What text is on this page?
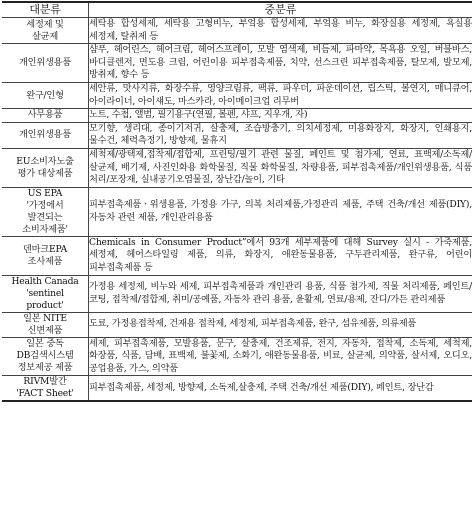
대분류	중분류
세정제 및
살균제	세탁용 합성세제, 세탁용 고형비누, 부엌용 합성세제, 부엌용 비누, 화장실용 세정제, 욕실용 세정제, 탈취제 등
개인위생용품	샴푸, 헤어린스, 헤어크림, 헤어스프레이, 모발 염색제, 비듬제, 파마약, 목욕용 오일, 버블바스, 바디클렌저, 면도용 크림, 어린이용 피부접촉제품, 치약, 선스크린 피부접촉제품, 탈모제, 발모제, 방취제, 향수 등
완구/인형	세안류, 맛사지류, 화장수류, 영양크림류, 팩류, 파우더, 파운데이션, 립스틱, 볼연지, 매니큐어, 아이라이너, 아이섀도, 마스카라, 아이메이크업 리무버
사무용품	노트, 수첩, 앨범, 필기용구(연필, 볼펜, 샤프, 지우개, 자)
개인위생용품	모기향, 생리대, 종이기저귀, 살충제, 조습방충기, 의치세정제, 미용화장지, 화장지, 인쇄용지, 물수건, 체력측정기, 방향제, 물휴지
EU소비자노출
평가 대상제품	세척제/광택제,접착제/접합제, 프린팅/필기 관련 물질, 페인트 및 첨가제, 연료, 표백제/소독제/살균제, 배기제, 사진인화용 화학물질, 직물 화학물질, 차량용품, 피부접촉제품/개인위생용품, 식품 처리/포장재, 실내공기오염물질, 장난감/놀이, 기타
US EPA
'가정에서
발견되는
소비자제품'	피부접촉제품ㆍ위생용품, 가정용 가구, 의복 처리제품,가정관리 제품, 주택 건축/개선 제품(DIY), 자동차 관련 제품, 개인관리용품
덴마크EPA
조사제품	Chemicals in Consumer Product”에서 93개 세부제품에 대해 Survey 실시 - 가죽제품, 세정제, 헤어스타일링 제품, 의류, 화장지, 애완동물용품, 구두관리제품, 완구류, 어린이 피부접촉제품 등
Health Canada
'sentinel
product'	가정용 세정제, 비누와 세제, 피부접촉제품과 개인관리 용품, 식품 첨가제, 직물 처리제품, 페인트/코팅, 접착제/접합제, 취미/공예품, 자동차 관리 용품, 윤활제, 연료/용제, 잔디/가든 관리제품
일본 NITE
신변제품	도료, 가정용접착제, 건재용 접착제, 세정제, 피부접촉제품, 완구, 섬유제품, 의류제품
일본 중독
DB검색시스템
정보제공 제품	세제, 피부접촉제품, 모발용품, 문구, 살충제, 건조제류, 전지, 자동차, 접착제, 소독제, 세척제, 화장품, 식품, 담배, 표백제, 불꽃제, 소화기, 애완동물용품, 비료, 살균제, 의약품, 살서제, 오디오, 공업용품, 가스, 의약품
RIVM발간
'FACT Sheet'	피부접촉제품, 세정제, 방향제, 소독제,살충제, 주택 건축/개선 제품(DIY), 페인트, 장난감
